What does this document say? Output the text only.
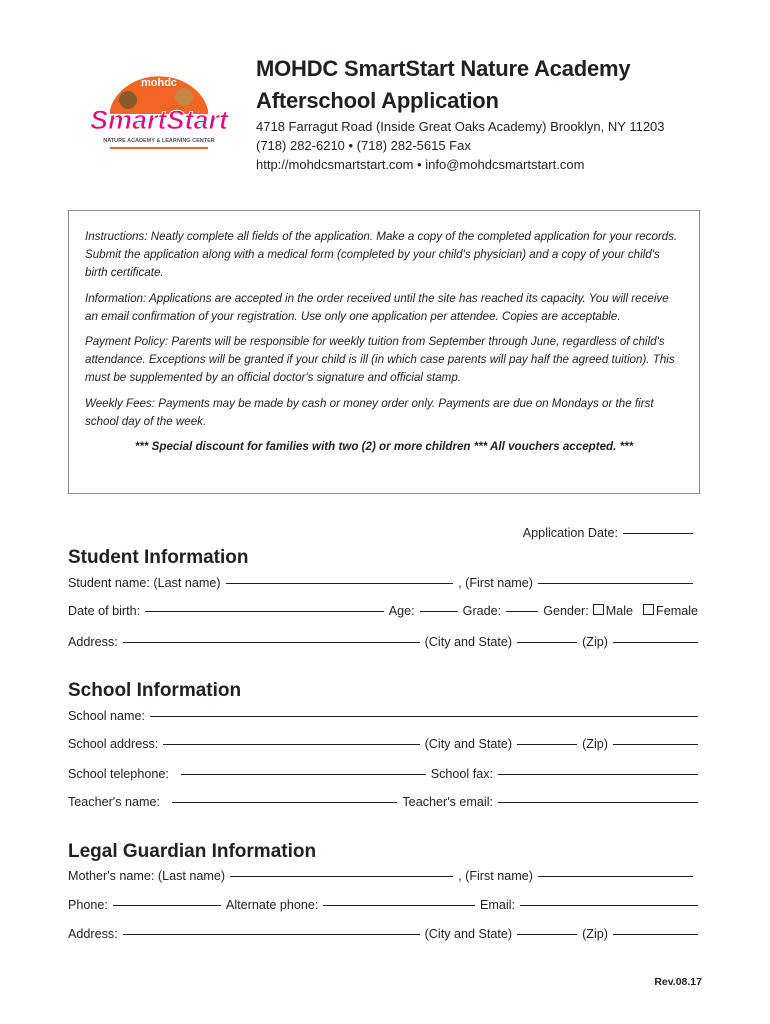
mohdc
SmartStart
NATURE ACADEMY & LEARNING CENTER
MOHDC SmartStart Nature Academy
Afterschool Application
4718 Farragut Road (Inside Great Oaks Academy) Brooklyn, NY 11203
(718) 282-6210 • (718) 282-5615 Fax
http://mohdcsmartstart.com • info@mohdcsmartstart.com

Instructions: Neatly complete all fields of the application. Make a copy of the completed application for your records. Submit the application along with a medical form (completed by your child's physician) and a copy of your child's birth certificate.

Information: Applications are accepted in the order received until the site has reached its capacity. You will receive an email confirmation of your registration. Use only one application per attendee. Copies are acceptable.

Payment Policy: Parents will be responsible for weekly tuition from September through June, regardless of child's attendance. Exceptions will be granted if your child is ill (in which case parents will pay half the agreed tuition). This must be supplemented by an official doctor's signature and official stamp.

Weekly Fees: Payments may be made by cash or money order only. Payments are due on Mondays or the first school day of the week.

*** Special discount for families with two (2) or more children *** All vouchers accepted. ***

Application Date:
Student Information
Student name: (Last name)	, (First name)
Date of birth:	Age:	Grade:	Gender: Male Female
Address:	(City and State)	(Zip)
School Information
School name:
School address:	(City and State)	(Zip)
School telephone:	School fax:
Teacher's name:	Teacher's email:
Legal Guardian Information
Mother's name: (Last name)	, (First name)
Phone:	Alternate phone:	Email:
Address:	(City and State)	(Zip)
Rev.08.17
